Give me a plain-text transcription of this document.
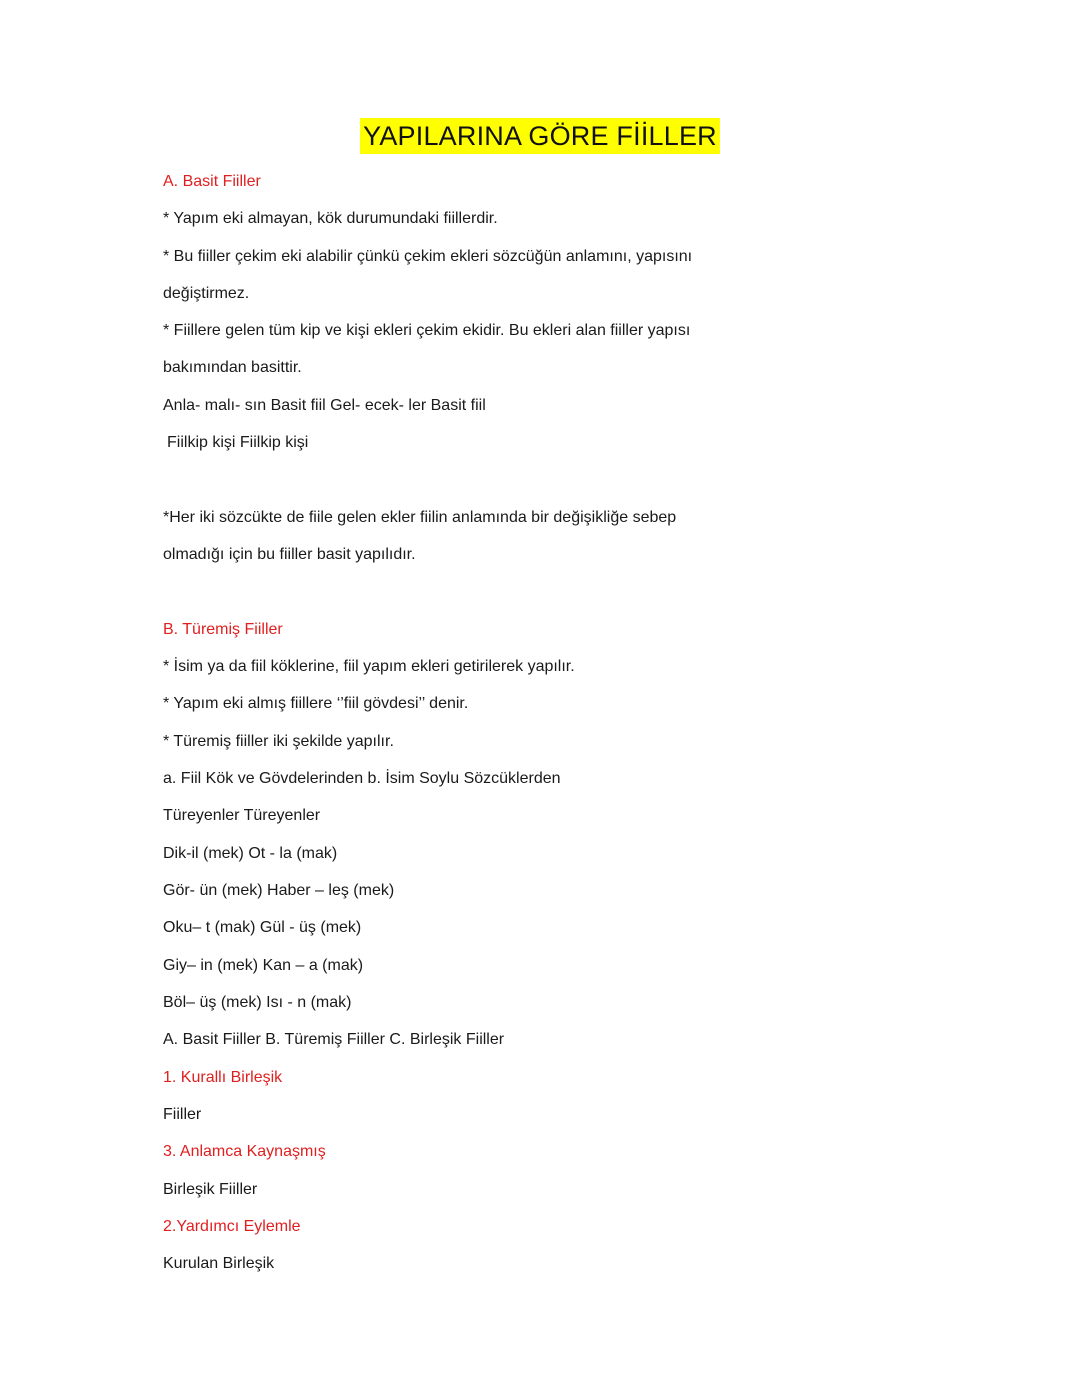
YAPILARINA GÖRE FİİLLER
A. Basit Fiiller
* Yapım eki almayan, kök durumundaki fiillerdir.
* Bu fiiller çekim eki alabilir çünkü çekim ekleri sözcüğün anlamını, yapısını
değiştirmez.
* Fiillere gelen tüm kip ve kişi ekleri çekim ekidir. Bu ekleri alan fiiller yapısı
bakımından basittir.
Anla- malı- sın Basit fiil Gel- ecek- ler Basit fiil
Fiilkip kişi Fiilkip kişi
*Her iki sözcükte de fiile gelen ekler fiilin anlamında bir değişikliğe sebep
olmadığı için bu fiiller basit yapılıdır.
B. Türemiş Fiiller
* İsim ya da fiil köklerine, fiil yapım ekleri getirilerek yapılır.
* Yapım eki almış fiillere ‘’fiil gövdesi’’ denir.
* Türemiş fiiller iki şekilde yapılır.
a. Fiil Kök ve Gövdelerinden b. İsim Soylu Sözcüklerden
Türeyenler Türeyenler
Dik-il (mek) Ot - la (mak)
Gör- ün (mek) Haber – leş (mek)
Oku– t (mak) Gül - üş (mek)
Giy– in (mek) Kan – a (mak)
Böl– üş (mek) Isı - n (mak)
A. Basit Fiiller B. Türemiş Fiiller C. Birleşik Fiiller
1. Kurallı Birleşik
Fiiller
3. Anlamca Kaynaşmış
Birleşik Fiiller
2.Yardımcı Eylemle
Kurulan Birleşik
